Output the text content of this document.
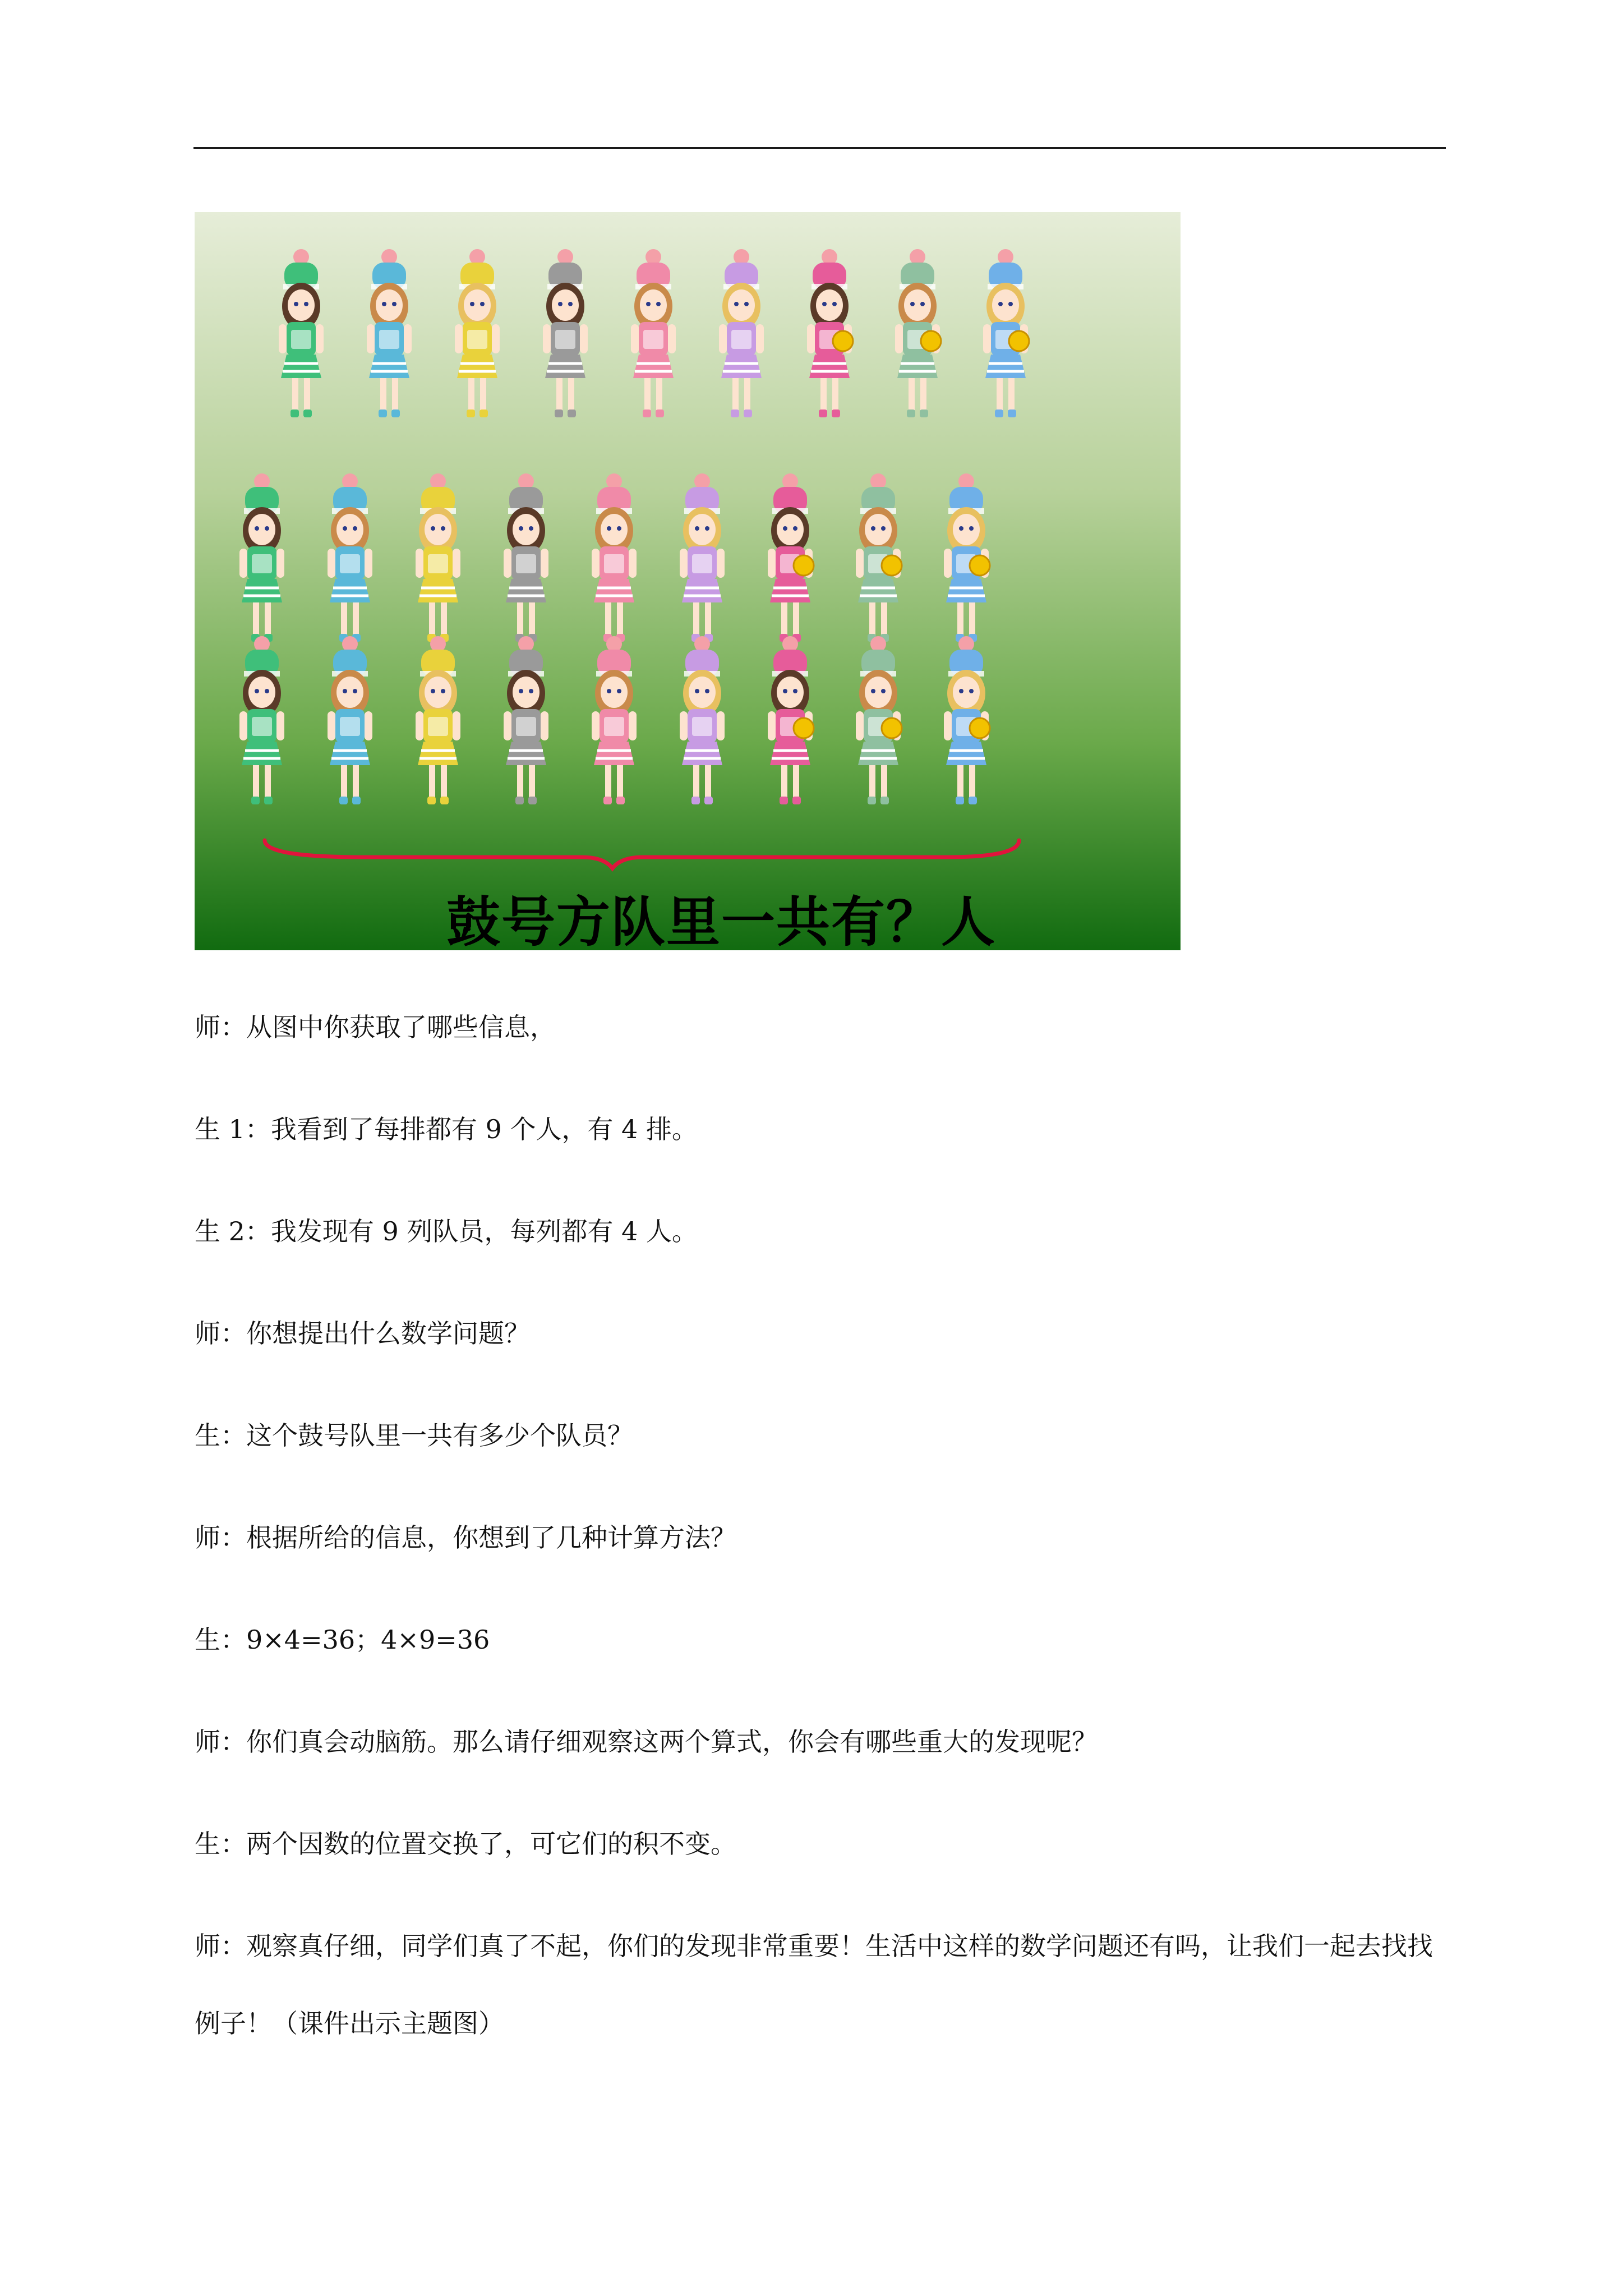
鼓号方队里一共有？人
师：从图中你获取了哪些信息，
生 1：我看到了每排都有 9 个人，有 4 排。
生 2：我发现有 9 列队员，每列都有 4 人。
师：你想提出什么数学问题？
生：这个鼓号队里一共有多少个队员？
师：根据所给的信息，你想到了几种计算方法？
生：9×4=36；4×9=36
师：你们真会动脑筋。那么请仔细观察这两个算式，你会有哪些重大的发现呢？
生：两个因数的位置交换了，可它们的积不变。
师：观察真仔细，同学们真了不起，你们的发现非常重要！生活中这样的数学问题还有吗，让我们一起去找找例子！（课件出示主题图）
